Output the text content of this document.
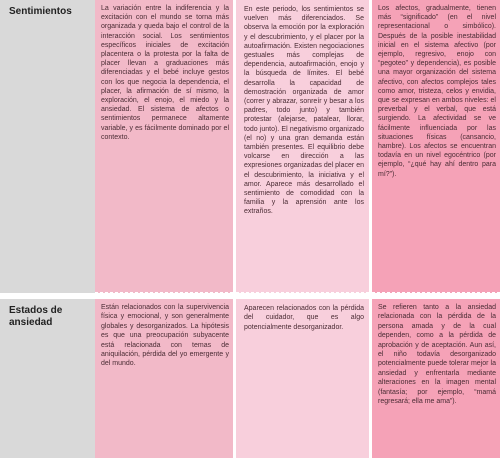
Sentimientos	La variación entre la indiferencia y la excitación con el mundo se torna más organizada y queda bajo el control de la interacción social. Los sentimientos específicos iniciales de excitación placentera o la protesta por la falta de placer llevan a graduaciones más diferenciadas y el bebé incluye gestos con los que negocia la dependencia, el placer, la afirmación de sí mismo, la exploración, el enojo, el miedo y la ansiedad. El sistema de afectos o sentimientos permanece altamente variable, y es fácilmente dominado por el contexto.

En este periodo, los sentimientos se vuelven más diferenciados. Se observa la emoción por la exploración y el descubrimiento, y el placer por la autoafirmación. Existen negociaciones gestuales más complejas de dependencia, autoafirmación, enojo y la búsqueda de límites. El bebé desarrolla la capacidad de demostración organizada de amor (correr y abrazar, sonreír y besar a los padres, todo junto) y también protestar (alejarse, patalear, llorar, todo junto). El negativismo organizado (el no) y una gran demanda están también presentes. El equilibrio debe volcarse en dirección a las expresiones organizadas del placer en el descubrimiento, la iniciativa y el amor. Aparece más desarrollado el sentimiento de comodidad con la familia y la aprensión ante los extraños.

Los afectos, gradualmente, tienen más “significado” (en el nivel representacional o simbólico). Después de la posible inestabilidad inicial en el sistema afectivo (por ejemplo, regresivo, enojo con “pegoteo” y dependencia), es posible una mayor organización del sistema afectivo, con afectos complejos tales como amor, tristeza, celos y envidia, que se expresan en ambos niveles: el preverbal y el verbal, que está surgiendo. La afectividad se ve fácilmente influenciada por las situaciones físicas (cansancio, hambre). Los afectos se encuentran todavía en un nivel egocéntrico (por ejemplo, “¿qué hay ahí dentro para mí?”).

Estados de ansiedad

Están relacionados con la supervivencia física y emocional, y son generalmente globales y desorganizados. La hipótesis es que una preocupación subyacente está relacionada con temas de aniquilación, pérdida del yo emergente y del mundo.

Aparecen relacionados con la pérdida del cuidador, que es algo potencialmente desorganizador.

Se refieren tanto a la ansiedad relacionada con la pérdida de la persona amada y de la cual dependen, como a la pérdida de aprobación y de aceptación. Aun así, el niño todavía desorganizado potencialmente puede tolerar mejor la ansiedad y enfrentarla mediante alteraciones en la imagen mental (fantasía; por ejemplo, “mamá regresará; ella me ama”).
